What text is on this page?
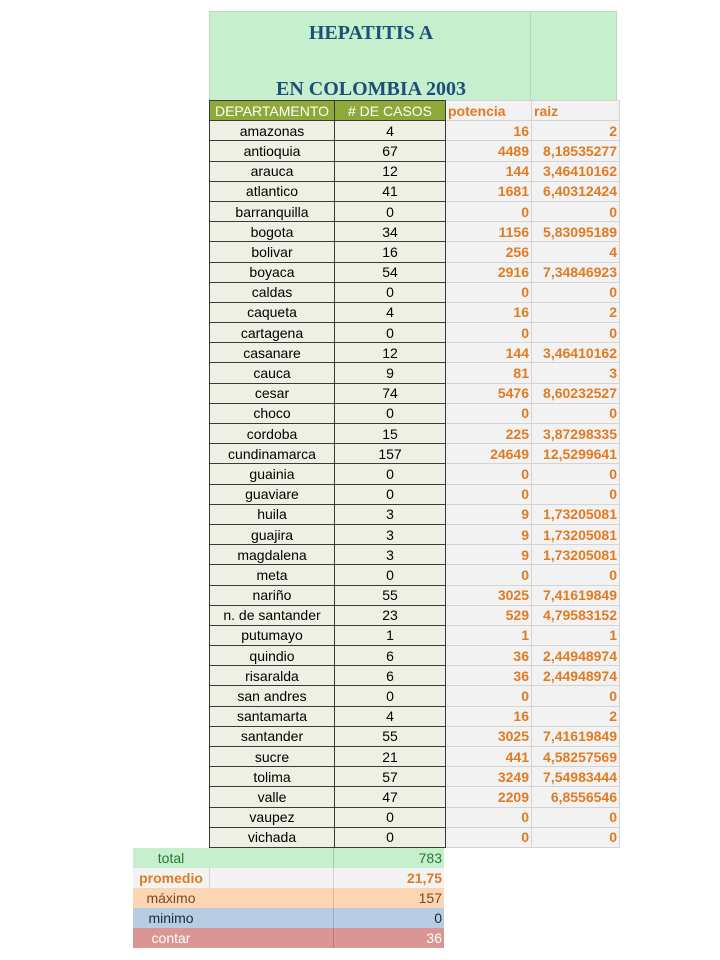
HEPATITIS A
EN COLOMBIA 2003
DEPARTAMENTO	# DE CASOS	potencia	raiz
amazonas	4	16	2
antioquia	67	4489	8,18535277
arauca	12	144	3,46410162
atlantico	41	1681	6,40312424
barranquilla	0	0	0
bogota	34	1156	5,83095189
bolivar	16	256	4
boyaca	54	2916	7,34846923
caldas	0	0	0
caqueta	4	16	2
cartagena	0	0	0
casanare	12	144	3,46410162
cauca	9	81	3
cesar	74	5476	8,60232527
choco	0	0	0
cordoba	15	225	3,87298335
cundinamarca	157	24649	12,5299641
guainia	0	0	0
guaviare	0	0	0
huila	3	9	1,73205081
guajira	3	9	1,73205081
magdalena	3	9	1,73205081
meta	0	0	0
nariño	55	3025	7,41619849
n. de santander	23	529	4,79583152
putumayo	1	1	1
quindio	6	36	2,44948974
risaralda	6	36	2,44948974
san andres	0	0	0
santamarta	4	16	2
santander	55	3025	7,41619849
sucre	21	441	4,58257569
tolima	57	3249	7,54983444
valle	47	2209	6,8556546
vaupez	0	0	0
vichada	0	0	0
total	783
promedio	21,75
máximo	157
minimo	0
contar	36
